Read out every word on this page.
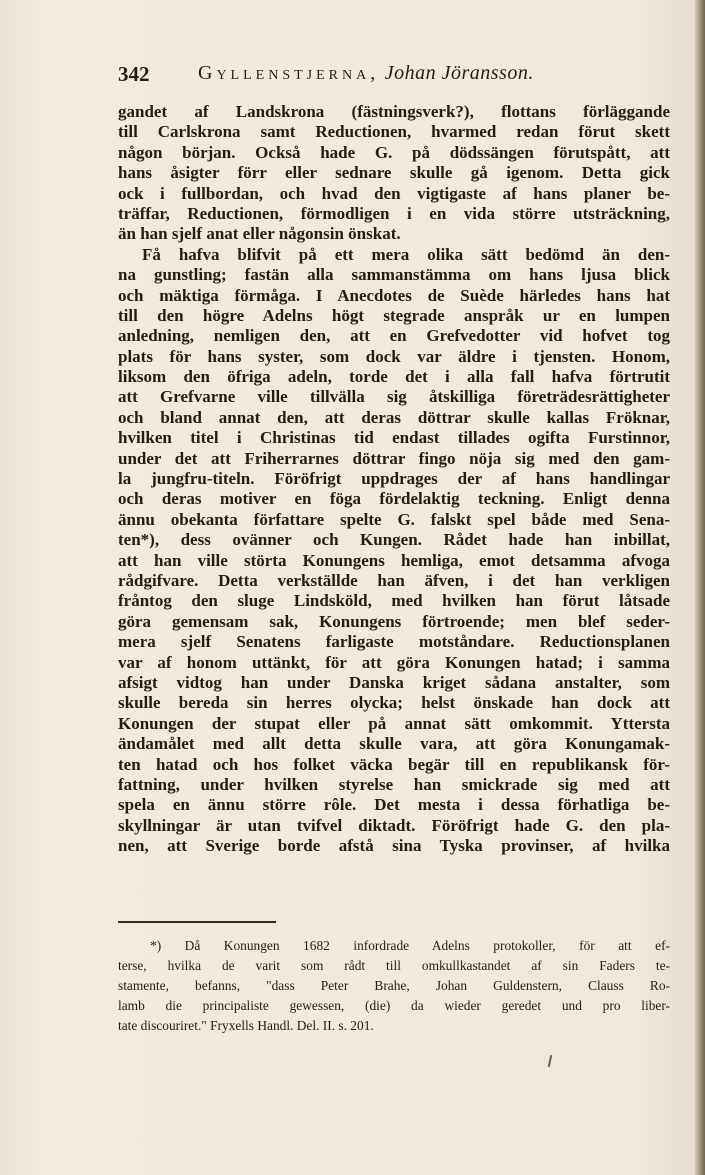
342 Gyllenstjerna, Johan Jöransson.
gandet af Landskrona (fästningsverk?), flottans förläggande
till Carlskrona samt Reductionen, hvarmed redan förut skett
någon början. Också hade G. på dödssängen förutspått, att
hans åsigter förr eller sednare skulle gå igenom. Detta gick
ock i fullbordan, och hvad den vigtigaste af hans planer be-
träffar, Reductionen, förmodligen i en vida större utsträckning,
än han sjelf anat eller någonsin önskat.
Få hafva blifvit på ett mera olika sätt bedömd än den-
na gunstling; fastän alla sammanstämma om hans ljusa blick
och mäktiga förmåga. I Anecdotes de Suède härledes hans hat
till den högre Adelns högt stegrade anspråk ur en lumpen
anledning, nemligen den, att en Grefvedotter vid hofvet tog
plats för hans syster, som dock var äldre i tjensten. Honom,
liksom den öfriga adeln, torde det i alla fall hafva förtrutit
att Grefvarne ville tillvälla sig åtskilliga företrädesrättigheter
och bland annat den, att deras döttrar skulle kallas Fröknar,
hvilken titel i Christinas tid endast tillades ogifta Furstinnor,
under det att Friherrarnes döttrar fingo nöja sig med den gam-
la jungfru-titeln. Föröfrigt uppdrages der af hans handlingar
och deras motiver en föga fördelaktig teckning. Enligt denna
ännu obekanta författare spelte G. falskt spel både med Sena-
ten*), dess ovänner och Kungen. Rådet hade han inbillat,
att han ville störta Konungens hemliga, emot detsamma afvoga
rådgifvare. Detta verkställde han äfven, i det han verkligen
fråntog den sluge Lindsköld, med hvilken han förut låtsade
göra gemensam sak, Konungens förtroende; men blef seder-
mera sjelf Senatens farligaste motståndare. Reductionsplanen
var af honom uttänkt, för att göra Konungen hatad; i samma
afsigt vidtog han under Danska kriget sådana anstalter, som
skulle bereda sin herres olycka; helst önskade han dock att
Konungen der stupat eller på annat sätt omkommit. Yttersta
ändamålet med allt detta skulle vara, att göra Konungamak-
ten hatad och hos folket väcka begär till en republikansk för-
fattning, under hvilken styrelse han smickrade sig med att
spela en ännu större rôle. Det mesta i dessa förhatliga be-
skyllningar är utan tvifvel diktadt. Föröfrigt hade G. den pla-
nen, att Sverige borde afstå sina Tyska provinser, af hvilka
*) Då Konungen 1682 infordrade Adelns protokoller, för att ef-
terse, hvilka de varit som rådt till omkullkastandet af sin Faders te-
stamente, befanns, "dass Peter Brahe, Johan Guldenstern, Clauss Ro-
lamb die principaliste gewessen, (die) da wieder geredet und pro liber-
tate discouriret." Fryxells Handl. Del. II. s. 201.
